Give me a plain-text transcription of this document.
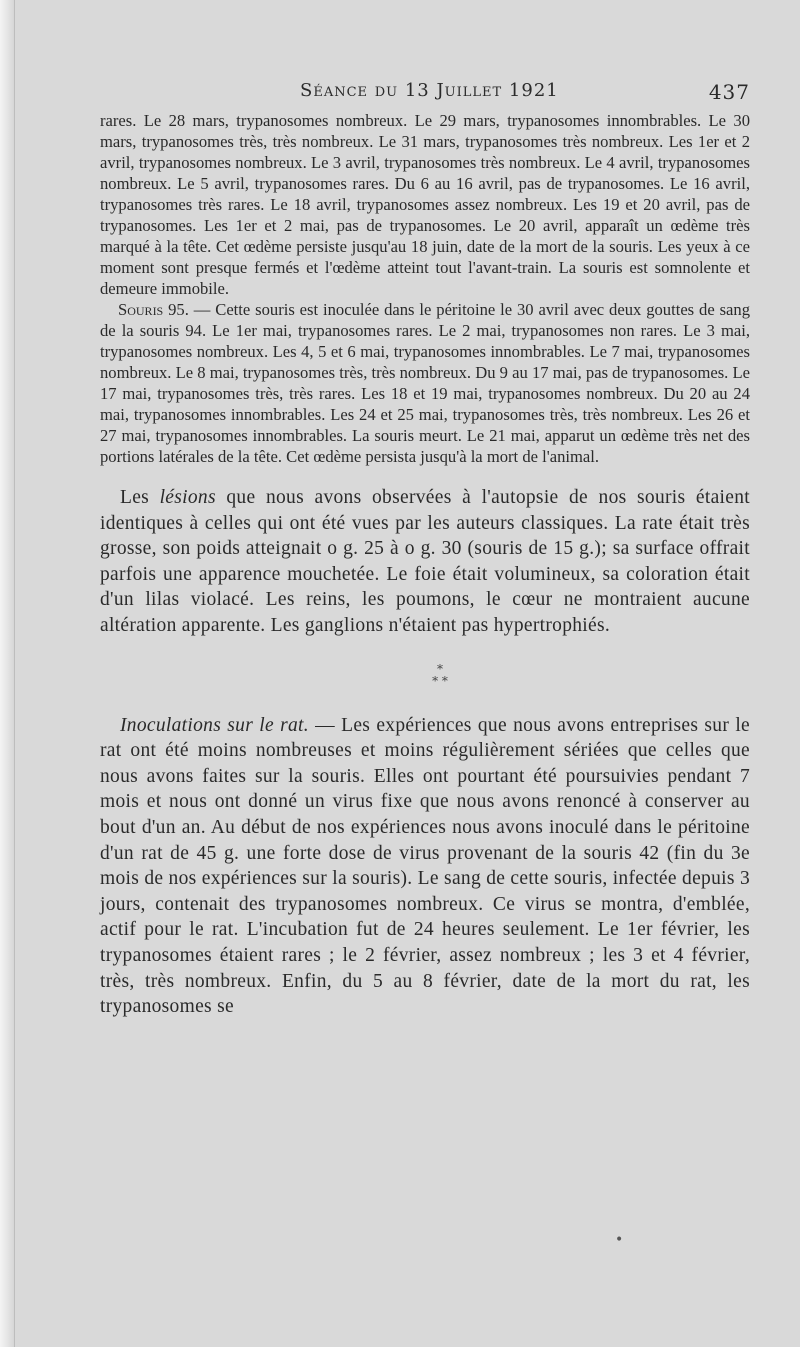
Séance du 13 Juillet 1921	437

rares. Le 28 mars, trypanosomes nombreux. Le 29 mars, trypanosomes innombrables. Le 30 mars, trypanosomes très, très nombreux. Le 31 mars, trypanosomes très nombreux. Les 1er et 2 avril, trypanosomes nombreux. Le 3 avril, trypanosomes très nombreux. Le 4 avril, trypanosomes nombreux. Le 5 avril, trypanosomes rares. Du 6 au 16 avril, pas de trypanosomes. Le 16 avril, trypanosomes très rares. Le 18 avril, trypanosomes assez nombreux. Les 19 et 20 avril, pas de trypanosomes. Les 1er et 2 mai, pas de trypanosomes. Le 20 avril, apparaît un œdème très marqué à la tête. Cet œdème persiste jusqu'au 18 juin, date de la mort de la souris. Les yeux à ce moment sont presque fermés et l'œdème atteint tout l'avant-train. La souris est somnolente et demeure immobile.

Souris 95. — Cette souris est inoculée dans le péritoine le 30 avril avec deux gouttes de sang de la souris 94. Le 1er mai, trypanosomes rares. Le 2 mai, trypanosomes non rares. Le 3 mai, trypanosomes nombreux. Les 4, 5 et 6 mai, trypanosomes innombrables. Le 7 mai, trypanosomes nombreux. Le 8 mai, trypanosomes très, très nombreux. Du 9 au 17 mai, pas de trypanosomes. Le 17 mai, trypanosomes très, très rares. Les 18 et 19 mai, trypanosomes nombreux. Du 20 au 24 mai, trypanosomes innombrables. Les 24 et 25 mai, trypanosomes très, très nombreux. Les 26 et 27 mai, trypanosomes innombrables. La souris meurt. Le 21 mai, apparut un œdème très net des portions latérales de la tête. Cet œdème persista jusqu'à la mort de l'animal.

Les lésions que nous avons observées à l'autopsie de nos souris étaient identiques à celles qui ont été vues par les auteurs classiques. La rate était très grosse, son poids atteignait o g. 25 à o g. 30 (souris de 15 g.); sa surface offrait parfois une apparence mouchetée. Le foie était volumineux, sa coloration était d'un lilas violacé. Les reins, les poumons, le cœur ne montraient aucune altération apparente. Les ganglions n'étaient pas hypertrophiés.

*
* *

Inoculations sur le rat. — Les expériences que nous avons entreprises sur le rat ont été moins nombreuses et moins régulièrement sériées que celles que nous avons faites sur la souris. Elles ont pourtant été poursuivies pendant 7 mois et nous ont donné un virus fixe que nous avons renoncé à conserver au bout d'un an. Au début de nos expériences nous avons inoculé dans le péritoine d'un rat de 45 g. une forte dose de virus provenant de la souris 42 (fin du 3e mois de nos expériences sur la souris). Le sang de cette souris, infectée depuis 3 jours, contenait des trypanosomes nombreux. Ce virus se montra, d'emblée, actif pour le rat. L'incubation fut de 24 heures seulement. Le 1er février, les trypanosomes étaient rares ; le 2 février, assez nombreux ; les 3 et 4 février, très, très nombreux. Enfin, du 5 au 8 février, date de la mort du rat, les trypanosomes se

•
